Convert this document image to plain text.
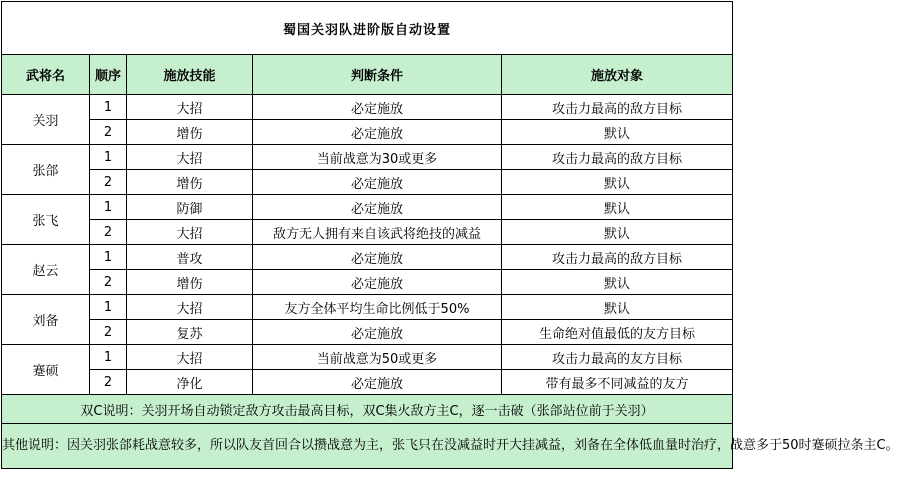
蜀国关羽队进阶版自动设置				
武将名	顺序	施放技能	判断条件	施放对象
关羽	1	大招	必定施放	攻击力最高的敌方目标
	2	增伤	必定施放	默认
张郃	1	大招	当前战意为30或更多	攻击力最高的敌方目标
	2	增伤	必定施放	默认
张飞	1	防御	必定施放	默认
	2	大招	敌方无人拥有来自该武将绝技的减益	默认
赵云	1	普攻	必定施放	攻击力最高的敌方目标
	2	增伤	必定施放	默认
刘备	1	大招	友方全体平均生命比例低于50%	默认
	2	复苏	必定施放	生命绝对值最低的友方目标
蹇硕	1	大招	当前战意为50或更多	攻击力最高的友方目标
	2	净化	必定施放	带有最多不同减益的友方
双C说明：关羽开场自动锁定敌方攻击最高目标，双C集火敌方主C，逐一击破（张郃站位前于关羽）				
其他说明：因关羽张郃耗战意较多，所以队友首回合以攒战意为主，张飞只在没减益时开大挂减益，刘备在全体低血量时治疗，战意多于50时蹇硕拉条主C。				
